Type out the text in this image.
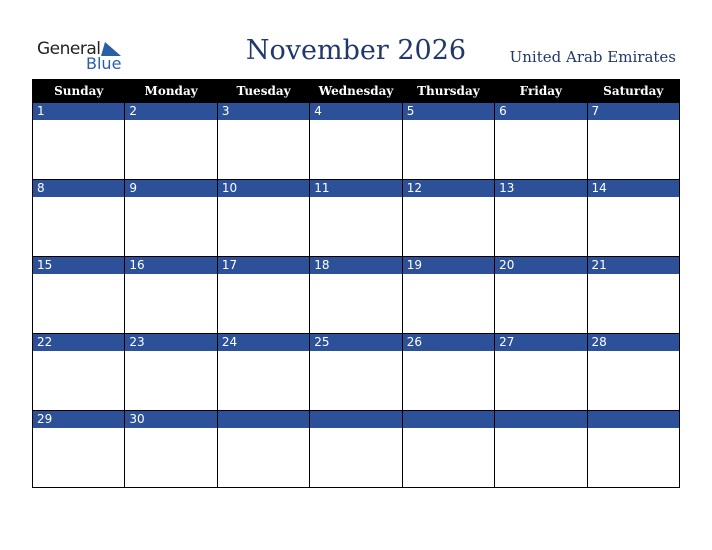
General
Blue	November 2026	United Arab Emirates
Sunday	Monday	Tuesday	Wednesday	Thursday	Friday	Saturday

1	2	3	4	5	6	7

8	9	10	11	12	13	14

15	16	17	18	19	20	21

22	23	24	25	26	27	28

29	30					
